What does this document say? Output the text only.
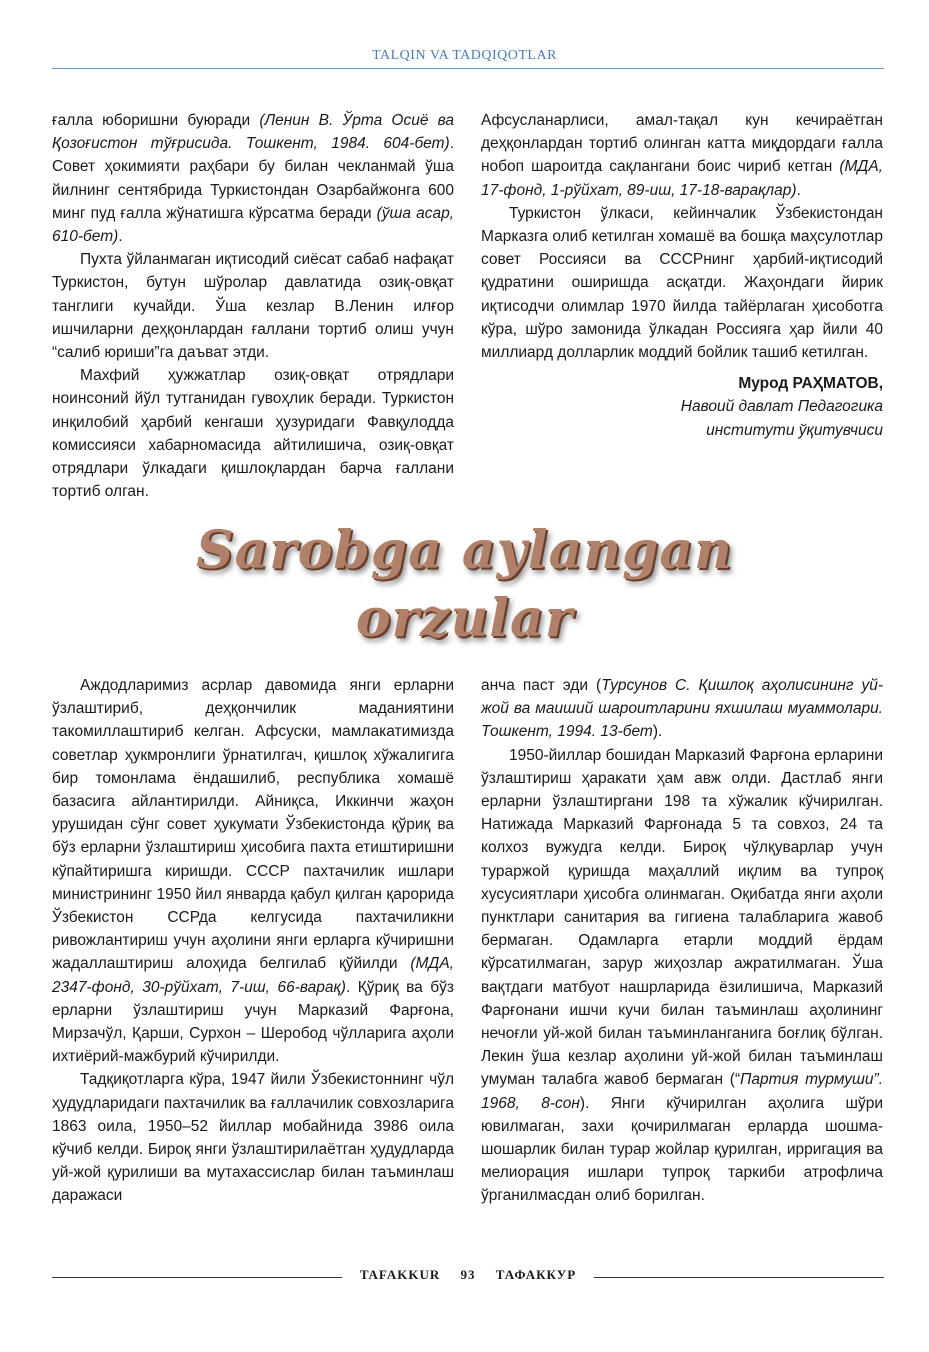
TALQIN VA TADQIQOTLAR

ғалла юборишни буюради (Ленин В. Ўрта Осиё ва Қозоғистон тўғрисида. Тошкент, 1984. 604-бет). Совет ҳокимияти раҳбари бу билан чекланмай ўша йилнинг сентябрида Туркистондан Озарбайжонга 600 минг пуд ғалла жўнатишга кўрсатма беради (ўша асар, 610-бет).

Пухта ўйланмаган иқтисодий сиёсат сабаб нафақат Туркистон, бутун шўролар давлатида озиқ-овқат танглиги кучайди. Ўша кезлар В.Ленин илғор ишчиларни деҳқонлардан ғаллани тортиб олиш учун “салиб юриши”га даъват этди.

Махфий ҳужжатлар озиқ-овқат отрядлари ноинсоний йўл тутганидан гувоҳлик беради. Туркистон инқилобий ҳарбий кенгаши ҳузуридаги Фавқулодда комиссияси хабарномасида айтилишича, озиқ-овқат отрядлари ўлкадаги қишлоқлардан барча ғаллани тортиб олган.

Афсусланарлиси, амал-тақал кун кечираётган деҳқонлардан тортиб олинган катта миқдордаги ғалла нобоп шароитда сақлангани боис чириб кетган (МДА, 17-фонд, 1-рўйхат, 89-иш, 17-18-варақлар).

Туркистон ўлкаси, кейинчалик Ўзбекистондан Марказга олиб кетилган хомашё ва бошқа маҳсулотлар совет Россияси ва СССРнинг ҳарбий-иқтисодий қудратини оширишда асқатди. Жаҳондаги йирик иқтисодчи олимлар 1970 йилда тайёрлаган ҳисоботга кўра, шўро замонида ўлкадан Россияга ҳар йили 40 миллиард долларлик моддий бойлик ташиб кетилган.

Мурод РАҲМАТОВ,

Навоий давлат Педагогика

институти ўқитувчиси

Sarobga aylangan
orzular

Аждодларимиз асрлар давомида янги ерларни ўзлаштириб, деҳқончилик маданиятини такомиллаштириб келган. Афсуски, мамлакатимизда советлар ҳукмронлиги ўрнатилгач, қишлоқ хўжалигига бир томонлама ёндашилиб, республика хомашё базасига айлантирилди. Айниқса, Иккинчи жаҳон урушидан сўнг совет ҳукумати Ўзбекистонда қўриқ ва бўз ерларни ўзлаштириш ҳисобига пахта етиштиришни кўпайтиришга киришди. СССР пахтачилик ишлари министрининг 1950 йил январда қабул қилган қарорида Ўзбекистон ССРда келгусида пахтачиликни ривожлантириш учун аҳолини янги ерларга кўчиришни жадаллаштириш алоҳида белгилаб қўйилди (МДА, 2347-фонд, 30-рўйхат, 7-иш, 66-варақ). Қўриқ ва бўз ерларни ўзлаштириш учун Марказий Фарғона, Мирзачўл, Қарши, Сурхон – Шеробод чўлларига аҳоли ихтиёрий-мажбурий кўчирилди.

Тадқиқотларга кўра, 1947 йили Ўзбекистоннинг чўл ҳудудларидаги пахтачилик ва ғаллачилик совхозларига 1863 оила, 1950–52 йиллар мобайнида 3986 оила кўчиб келди. Бироқ янги ўзлаштирилаётган ҳудудларда уй-жой қурилиши ва мутахассислар билан таъминлаш даражаси

анча паст эди (Турсунов С. Қишлоқ аҳолисининг уй-жой ва маиший шароитларини яхшилаш муаммолари. Тошкент, 1994. 13-бет).

1950-йиллар бошидан Марказий Фарғона ерларини ўзлаштириш ҳаракати ҳам авж олди. Дастлаб янги ерларни ўзлаштиргани 198 та хўжалик кўчирилган. Натижада Марказий Фарғонада 5 та совхоз, 24 та колхоз вужудга келди. Бироқ чўлқуварлар учун тураржой қуришда маҳаллий иқлим ва тупроқ хусусиятлари ҳисобга олинмаган. Оқибатда янги аҳоли пунктлари санитария ва гигиена талабларига жавоб бермаган. Одамларга етарли моддий ёрдам кўрсатилмаган, зарур жиҳозлар ажратилмаган. Ўша вақтдаги матбуот нашрларида ёзилишича, Марказий Фарғонани ишчи кучи билан таъминлаш аҳолининг нечоғли уй-жой билан таъминланганига боғлиқ бўлган. Лекин ўша кезлар аҳолини уй-жой билан таъминлаш умуман талабга жавоб бермаган (“Партия турмуши”. 1968, 8-сон). Янги кўчирилган аҳолига шўри ювилмаган, захи қочирилмаган ерларда шошма-шошарлик билан турар жойлар қурилган, ирригация ва мелиорация ишлари тупроқ таркиби атрофлича ўрганилмасдан олиб борилган.

TAFAKKUR 93 ТАФАККУР
